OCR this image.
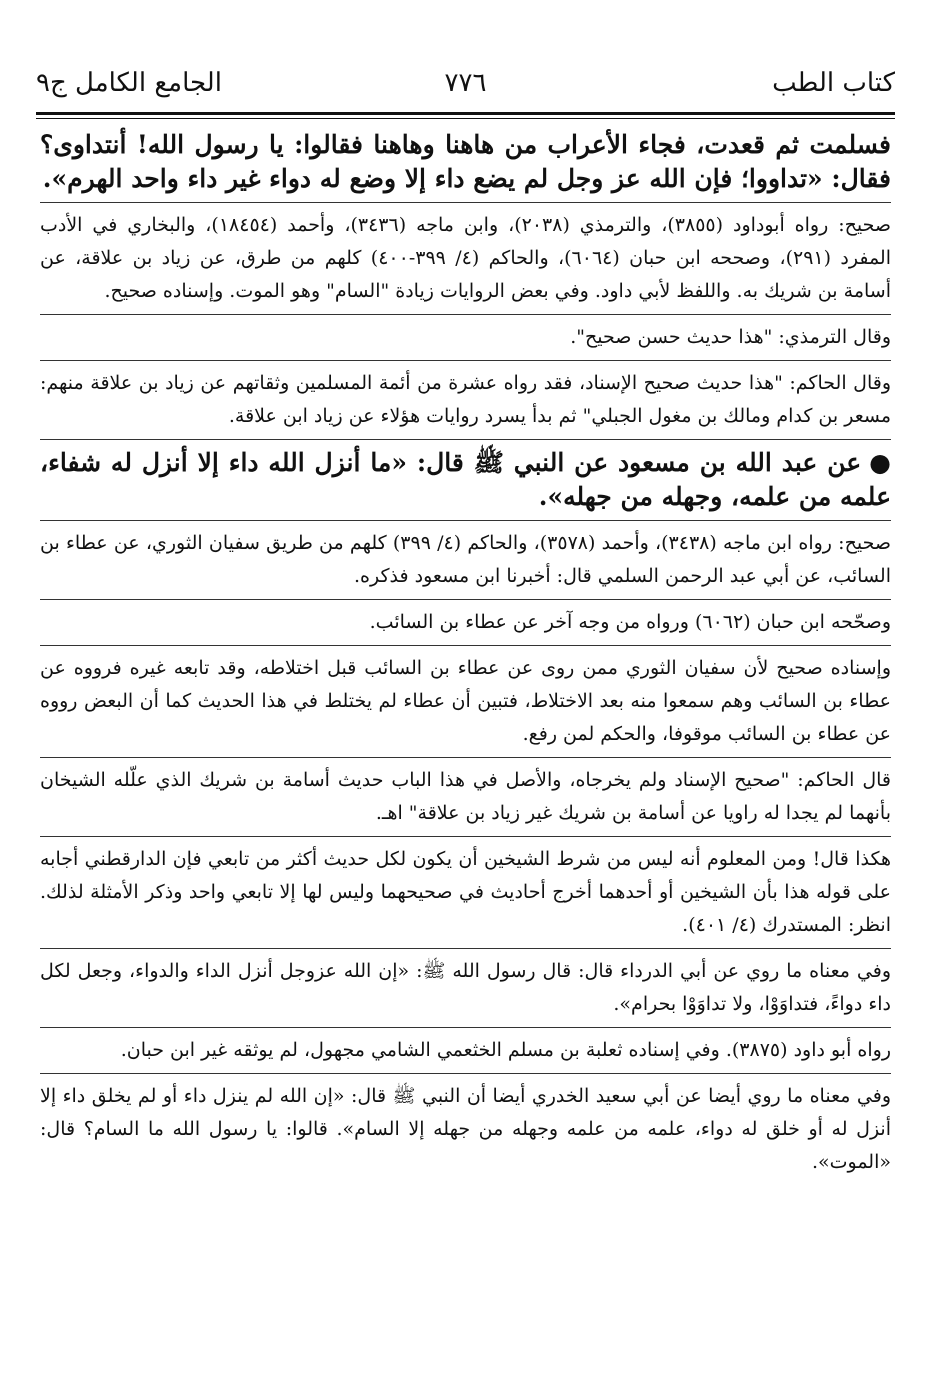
كتاب الطب
٧٧٦
الجامع الكامل ج٩

فسلمت ثم قعدت، فجاء الأعراب من هاهنا وهاهنا فقالوا: يا رسول الله! أنتداوى؟ فقال: «تداووا؛ فإن الله عز وجل لم يضع داء إلا وضع له دواء غير داء واحد الهرم».

صحيح: رواه أبوداود (٣٨٥٥)، والترمذي (٢٠٣٨)، وابن ماجه (٣٤٣٦)، وأحمد (١٨٤٥٤)، والبخاري في الأدب المفرد (٢٩١)، وصححه ابن حبان (٦٠٦٤)، والحاكم (٤/ ٣٩٩-٤٠٠) كلهم من طرق، عن زياد بن علاقة، عن أسامة بن شريك به. واللفظ لأبي داود. وفي بعض الروايات زيادة "السام" وهو الموت. وإسناده صحيح.

وقال الترمذي: "هذا حديث حسن صحيح".

وقال الحاكم: "هذا حديث صحيح الإسناد، فقد رواه عشرة من أئمة المسلمين وثقاتهم عن زياد بن علاقة منهم: مسعر بن كدام ومالك بن مغول الجبلي" ثم بدأ يسرد روايات هؤلاء عن زياد ابن علاقة.

●عن عبد الله بن مسعود عن النبي ﷺ قال: «ما أنزل الله داء إلا أنزل له شفاء، علمه من علمه، وجهله من جهله».

صحيح: رواه ابن ماجه (٣٤٣٨)، وأحمد (٣٥٧٨)، والحاكم (٤/ ٣٩٩) كلهم من طريق سفيان الثوري، عن عطاء بن السائب، عن أبي عبد الرحمن السلمي قال: أخبرنا ابن مسعود فذكره.

وصحّحه ابن حبان (٦٠٦٢) ورواه من وجه آخر عن عطاء بن السائب.

وإسناده صحيح لأن سفيان الثوري ممن روى عن عطاء بن السائب قبل اختلاطه، وقد تابعه غيره فرووه عن عطاء بن السائب وهم سمعوا منه بعد الاختلاط، فتبين أن عطاء لم يختلط في هذا الحديث كما أن البعض رووه عن عطاء بن السائب موقوفا، والحكم لمن رفع.

قال الحاكم: "صحيح الإسناد ولم يخرجاه، والأصل في هذا الباب حديث أسامة بن شريك الذي علّله الشيخان بأنهما لم يجدا له راويا عن أسامة بن شريك غير زياد بن علاقة" اهـ.

هكذا قال! ومن المعلوم أنه ليس من شرط الشيخين أن يكون لكل حديث أكثر من تابعي فإن الدارقطني أجابه على قوله هذا بأن الشيخين أو أحدهما أخرج أحاديث في صحيحهما وليس لها إلا تابعي واحد وذكر الأمثلة لذلك. انظر: المستدرك (٤/ ٤٠١).

وفي معناه ما روي عن أبي الدرداء قال: قال رسول الله ﷺ: «إن الله عزوجل أنزل الداء والدواء، وجعل لكل داء دواءً، فتداوَوْا، ولا تداوَوْا بحرام».

رواه أبو داود (٣٨٧٥). وفي إسناده ثعلبة بن مسلم الخثعمي الشامي مجهول، لم يوثقه غير ابن حبان.

وفي معناه ما روي أيضا عن أبي سعيد الخدري أيضا أن النبي ﷺ قال: «إن الله لم ينزل داء أو لم يخلق داء إلا أنزل له أو خلق له دواء، علمه من علمه وجهله من جهله إلا السام». قالوا: يا رسول الله ما السام؟ قال: «الموت».
